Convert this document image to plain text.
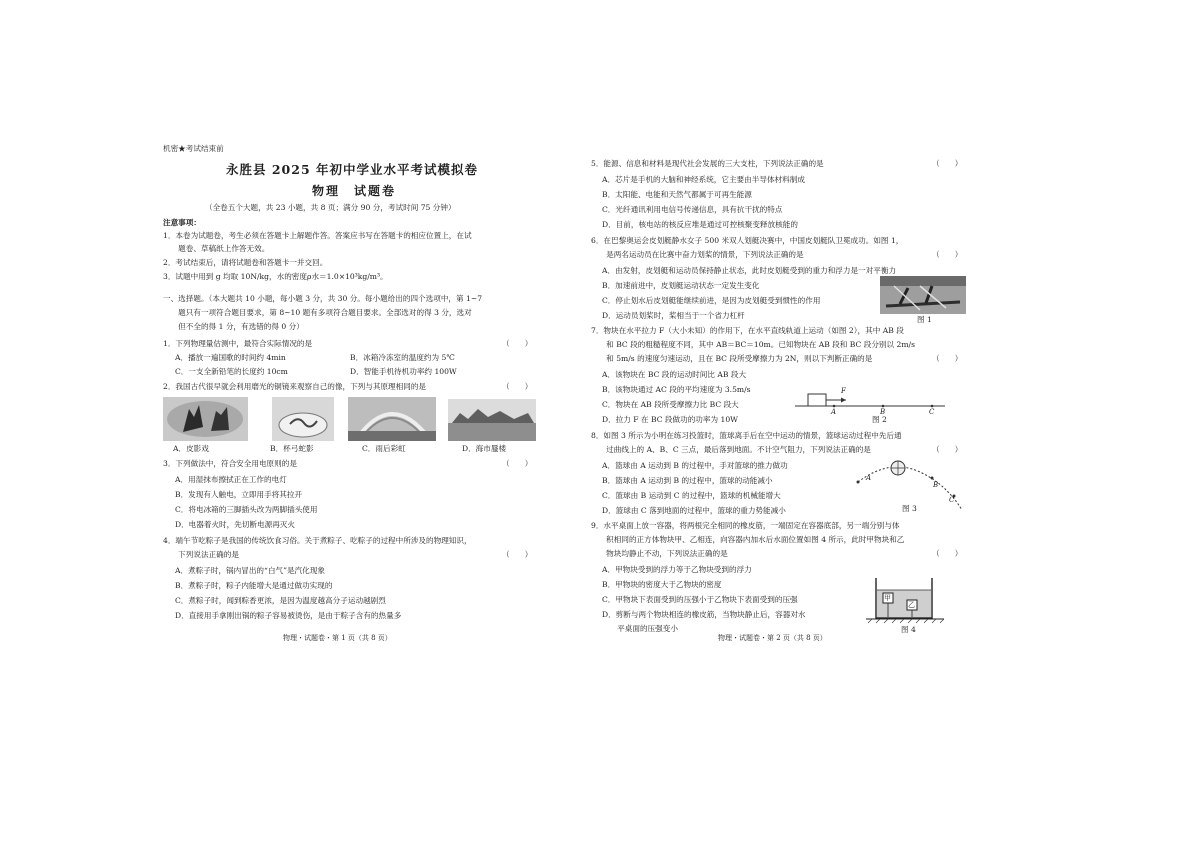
机密★考试结束前
永胜县 2025 年初中学业水平考试模拟卷
物理　试题卷
（全卷五个大题，共 23 小题，共 8 页；满分 90 分，考试时间 75 分钟）
注意事项：
1．本卷为试题卷，考生必须在答题卡上解题作答。答案应书写在答题卡的相应位置上，在试
　　题卷、草稿纸上作答无效。
2．考试结束后，请将试题卷和答题卡一并交回。
3．试题中用到 g 均取 10N/kg，水的密度ρ水＝1.0×10³kg/m³。
一、选择题。（本大题共 10 小题，每小题 3 分，共 30 分。每小题给出的四个选项中，第 1~7
　　题只有一项符合题目要求，第 8~10 题有多项符合题目要求。全部选对的得 3 分，选对
　　但不全的得 1 分，有选错的得 0 分）
1．下列物理量估测中，最符合实际情况的是	（　　）
A．播放一遍国歌的时间约 4min	B．冰箱冷冻室的温度约为 5℃
C．一支全新铅笔的长度约 10cm	D．智能手机待机功率约 100W
2．我国古代很早就会利用磨光的铜镜来观察自己的像，下列与其原理相同的是	（　　）
A．皮影戏	B．杯弓蛇影	C．雨后彩虹	D．海市蜃楼
3．下列做法中，符合安全用电原则的是	（　　）
A．用湿抹布擦拭正在工作的电灯
B．发现有人触电，立即用手将其拉开
C．将电冰箱的三脚插头改为两脚插头使用
D．电器着火时，先切断电源再灭火
4．端午节吃粽子是我国的传统饮食习俗。关于煮粽子、吃粽子的过程中所涉及的物理知识，
　　下列说法正确的是	（　　）
A．煮粽子时，锅内冒出的“白气”是汽化现象
B．煮粽子时，粽子内能增大是通过做功实现的
C．煮粽子时，闻到粽香更浓，是因为温度越高分子运动越剧烈
D．直接用手拿刚出锅的粽子容易被烫伤，是由于粽子含有的热量多
物理・试题卷・第 1 页（共 8 页）
5．能源、信息和材料是现代社会发展的三大支柱，下列说法正确的是	（　　）
A．芯片是手机的大脑和神经系统，它主要由半导体材料制成
B．太阳能、电能和天然气都属于可再生能源
C．光纤通讯利用电信号传递信息，具有抗干扰的特点
D．目前，核电站的核反应堆是通过可控核聚变释放核能的
6．在巴黎奥运会皮划艇静水女子 500 米双人划艇决赛中，中国皮划艇队卫冕成功。如图 1，
　　是两名运动员在比赛中奋力划桨的情景，下列说法正确的是	（　　）
A．由发射，皮划艇和运动员保持静止状态，此时皮划艇受到的重力和浮力是一对平衡力
B．加速前进中，皮划艇运动状态一定发生变化
C．停止划水后皮划艇能继续前进，是因为皮划艇受到惯性的作用
D．运动员划桨时，桨相当于一个省力杠杆	图 1
7．物块在水平拉力 F（大小未知）的作用下，在水平直线轨道上运动（如图 2），其中 AB 段
　　和 BC 段的粗糙程度不同，其中 AB＝BC＝10m。已知物块在 AB 段和 BC 段分别以 2m/s
　　和 5m/s 的速度匀速运动，且在 BC 段所受摩擦力为 2N，则以下判断正确的是	（　　）
A．该物块在 BC 段的运动时间比 AB 段大
B．该物块通过 AC 段的平均速度为 3.5m/s
C．物块在 AB 段所受摩擦力比 BC 段大
D．拉力 F 在 BC 段做功的功率为 10W
F
A	B	C
图 2
8．如图 3 所示为小明在练习投篮时，篮球离手后在空中运动的情景，篮球运动过程中先后通
　　过曲线上的 A、B、C 三点，最后落到地面。不计空气阻力，下列说法正确的是	（　　）
A．篮球由 A 运动到 B 的过程中，手对篮球的推力做功
B．篮球由 A 运动到 B 的过程中，篮球的动能减小
C．篮球由 B 运动到 C 的过程中，篮球的机械能增大
D．篮球由 C 落到地面的过程中，篮球的重力势能减小
A
B
C
图 3
9．水平桌面上放一容器，将两根完全相同的橡皮筋，一端固定在容器底部，另一端分别与体
　　积相同的正方体物块甲、乙相连，向容器内加水后水面位置如图 4 所示，此时甲物块和乙
　　物块均静止不动，下列说法正确的是	（　　）
A．甲物块受到的浮力等于乙物块受到的浮力
B．甲物块的密度大于乙物块的密度
C．甲物块下表面受到的压强小于乙物块下表面受到的压强
D．剪断与两个物块相连的橡皮筋，当物块静止后，容器对水
　　平桌面的压强变小
甲
乙
图 4
物理・试题卷・第 2 页（共 8 页）
